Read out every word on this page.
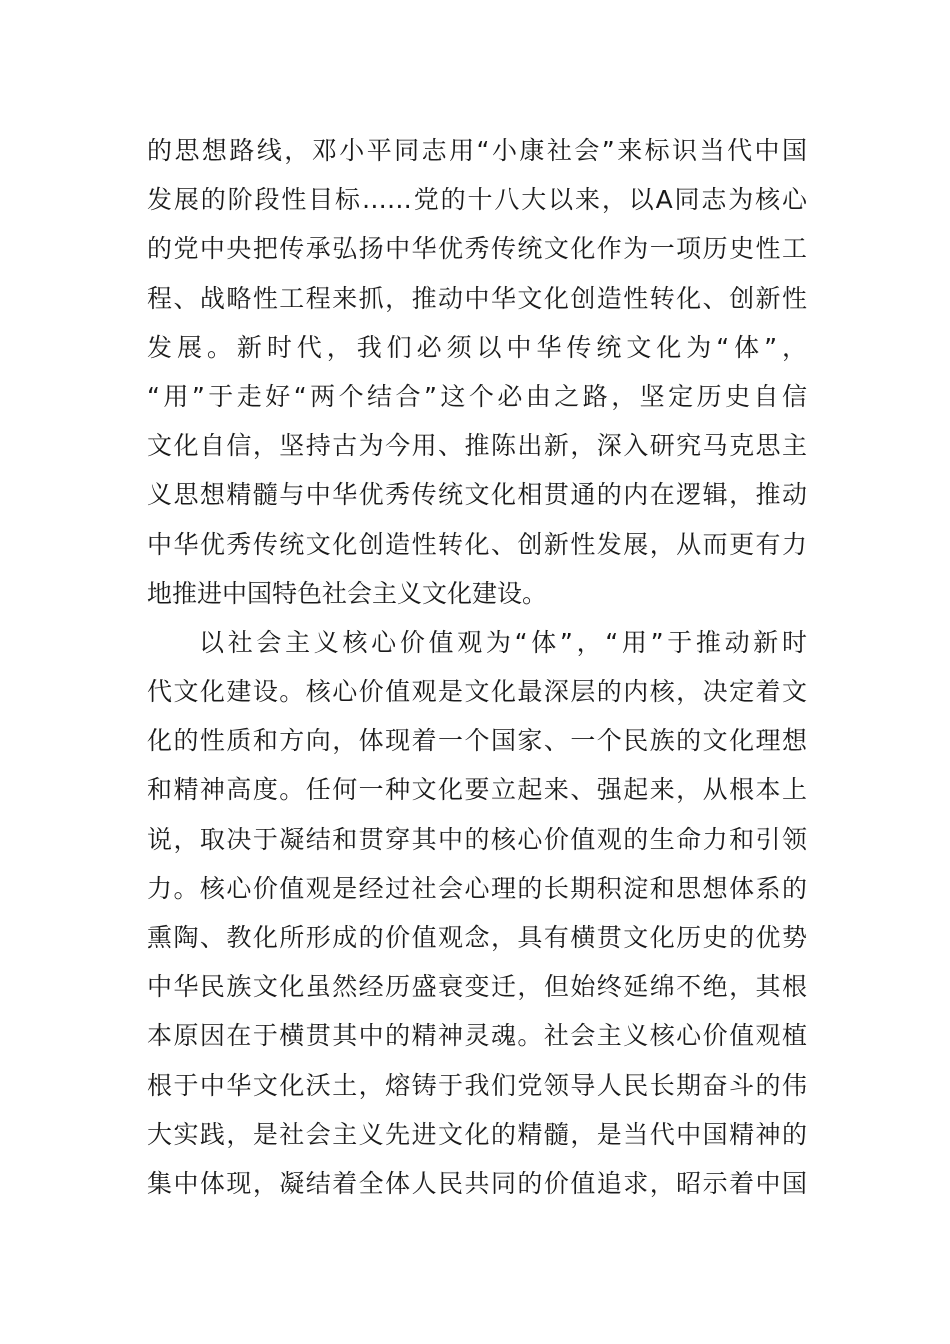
的思想路线，邓小平同志用“小康社会”来标识当代中国
发展的阶段性目标……党的十八大以来，以A同志为核心
的党中央把传承弘扬中华优秀传统文化作为一项历史性工
程、战略性工程来抓，推动中华文化创造性转化、创新性
发展。新时代，我们必须以中华传统文化为“体”，
“用”于走好“两个结合”这个必由之路，坚定历史自信
文化自信，坚持古为今用、推陈出新，深入研究马克思主
义思想精髓与中华优秀传统文化相贯通的内在逻辑，推动
中华优秀传统文化创造性转化、创新性发展，从而更有力
地推进中国特色社会主义文化建设。
以社会主义核心价值观为“体”，“用”于推动新时
代文化建设。核心价值观是文化最深层的内核，决定着文
化的性质和方向，体现着一个国家、一个民族的文化理想
和精神高度。任何一种文化要立起来、强起来，从根本上
说，取决于凝结和贯穿其中的核心价值观的生命力和引领
力。核心价值观是经过社会心理的长期积淀和思想体系的
熏陶、教化所形成的价值观念，具有横贯文化历史的优势
中华民族文化虽然经历盛衰变迁，但始终延绵不绝，其根
本原因在于横贯其中的精神灵魂。社会主义核心价值观植
根于中华文化沃土，熔铸于我们党领导人民长期奋斗的伟
大实践，是社会主义先进文化的精髓，是当代中国精神的
集中体现，凝结着全体人民共同的价值追求，昭示着中国
